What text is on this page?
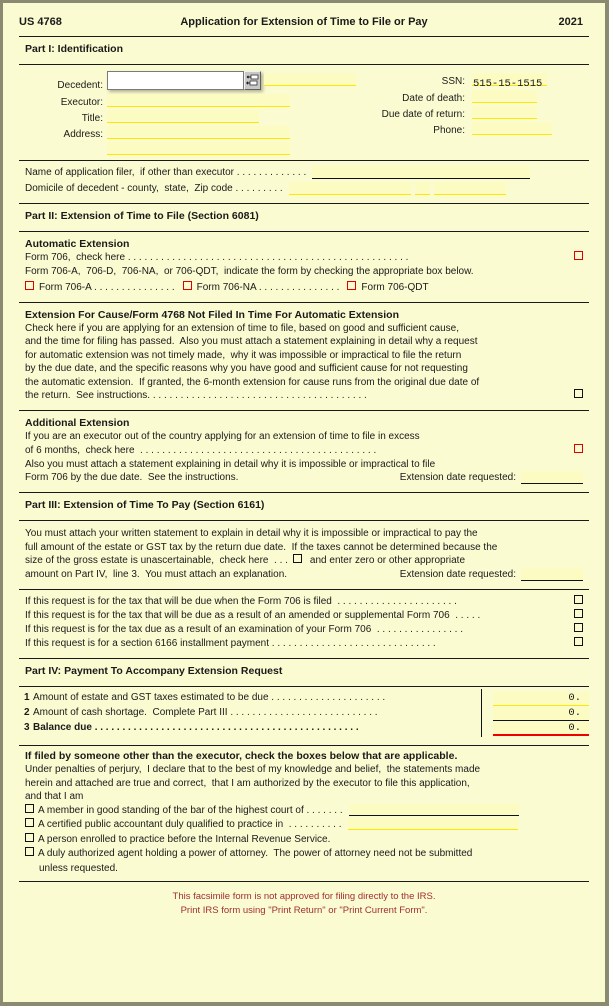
US 4768	Application for Extension of Time to File or Pay	2021
Part I: Identification
Decedent:
Executor:
Title:
Address:
SSN: 515-15-1515
Date of death:
Due date of return:
Phone:
Name of application filer,  if other than executor . . . . . . . . . . . . .
Domicile of decedent - county,  state,  Zip code . . . . . . . . .
Part II: Extension of Time to File (Section 6081)
Automatic Extension
Form 706,  check here . . . . . . . . . . . . . . . . . . . . . . . . . . . . . . . . . . . . . . . . . . . . . . . . . . .
Form 706-A,  706-D,  706-NA,  or 706-QDT,  indicate the form by checking the appropriate box below.
Form 706-A . . . . . . . . . . . . . . . Form 706-NA . . . . . . . . . . . . . . . Form 706-QDT
Extension For Cause/Form 4768 Not Filed In Time For Automatic Extension
Check here if you are applying for an extension of time to file, based on good and sufficient cause,
and the time for filing has passed.  Also you must attach a statement explaining in detail why a request
for automatic extension was not timely made,  why it was impossible or impractical to file the return
by the due date, and the specific reasons why you have good and sufficient cause for not requesting
the automatic extension.  If granted, the 6-month extension for cause runs from the original due date of
the return.  See instructions. . . . . . . . . . . . . . . . . . . . . . . . . . . . . . . . . . . . . . . .
Additional Extension
If you are an executor out of the country applying for an extension of time to file in excess
of 6 months,  check here  . . . . . . . . . . . . . . . . . . . . . . . . . . . . . . . . . . . . . . . . . . .
Also you must attach a statement explaining in detail why it is impossible or impractical to file
Form 706 by the due date.  See the instructions.	Extension date requested:
Part III: Extension of Time To Pay (Section 6161)
You must attach your written statement to explain in detail why it is impossible or impractical to pay the
full amount of the estate or GST tax by the return due date.  If the taxes cannot be determined because the
size of the gross estate is unascertainable,  check here  . . . and enter zero or other appropriate
amount on Part IV,  line 3.  You must attach an explanation.	Extension date requested:
If this request is for the tax that will be due when the Form 706 is filed  . . . . . . . . . . . . . . . . . . . . . .
If this request is for the tax that will be due as a result of an amended or supplemental Form 706  . . . . .
If this request is for the tax due as a result of an examination of your Form 706  . . . . . . . . . . . . . . . .
If this request is for a section 6166 installment payment . . . . . . . . . . . . . . . . . . . . . . . . . . . . . .
Part IV: Payment To Accompany Extension Request
1 Amount of estate and GST taxes estimated to be due . . . . . . . . . . . . . . . . . . . . .	0.
2 Amount of cash shortage.  Complete Part III . . . . . . . . . . . . . . . . . . . . . . . . . . .	0.
3 Balance due . . . . . . . . . . . . . . . . . . . . . . . . . . . . . . . . . . . . . . . . . . . . . . . .	0.
If filed by someone other than the executor, check the boxes below that are applicable.
Under penalties of perjury,  I declare that to the best of my knowledge and belief,  the statements made
herein and attached are true and correct,  that I am authorized by the executor to file this application,
and that I am
A member in good standing of the bar of the highest court of . . . . . . .
A certified public accountant duly qualified to practice in  . . . . . . . . . .
A person enrolled to practice before the Internal Revenue Service.
A duly authorized agent holding a power of attorney.  The power of attorney need not be submitted
unless requested.
This facsimile form is not approved for filing directly to the IRS.
Print IRS form using "Print Return" or "Print Current Form".
